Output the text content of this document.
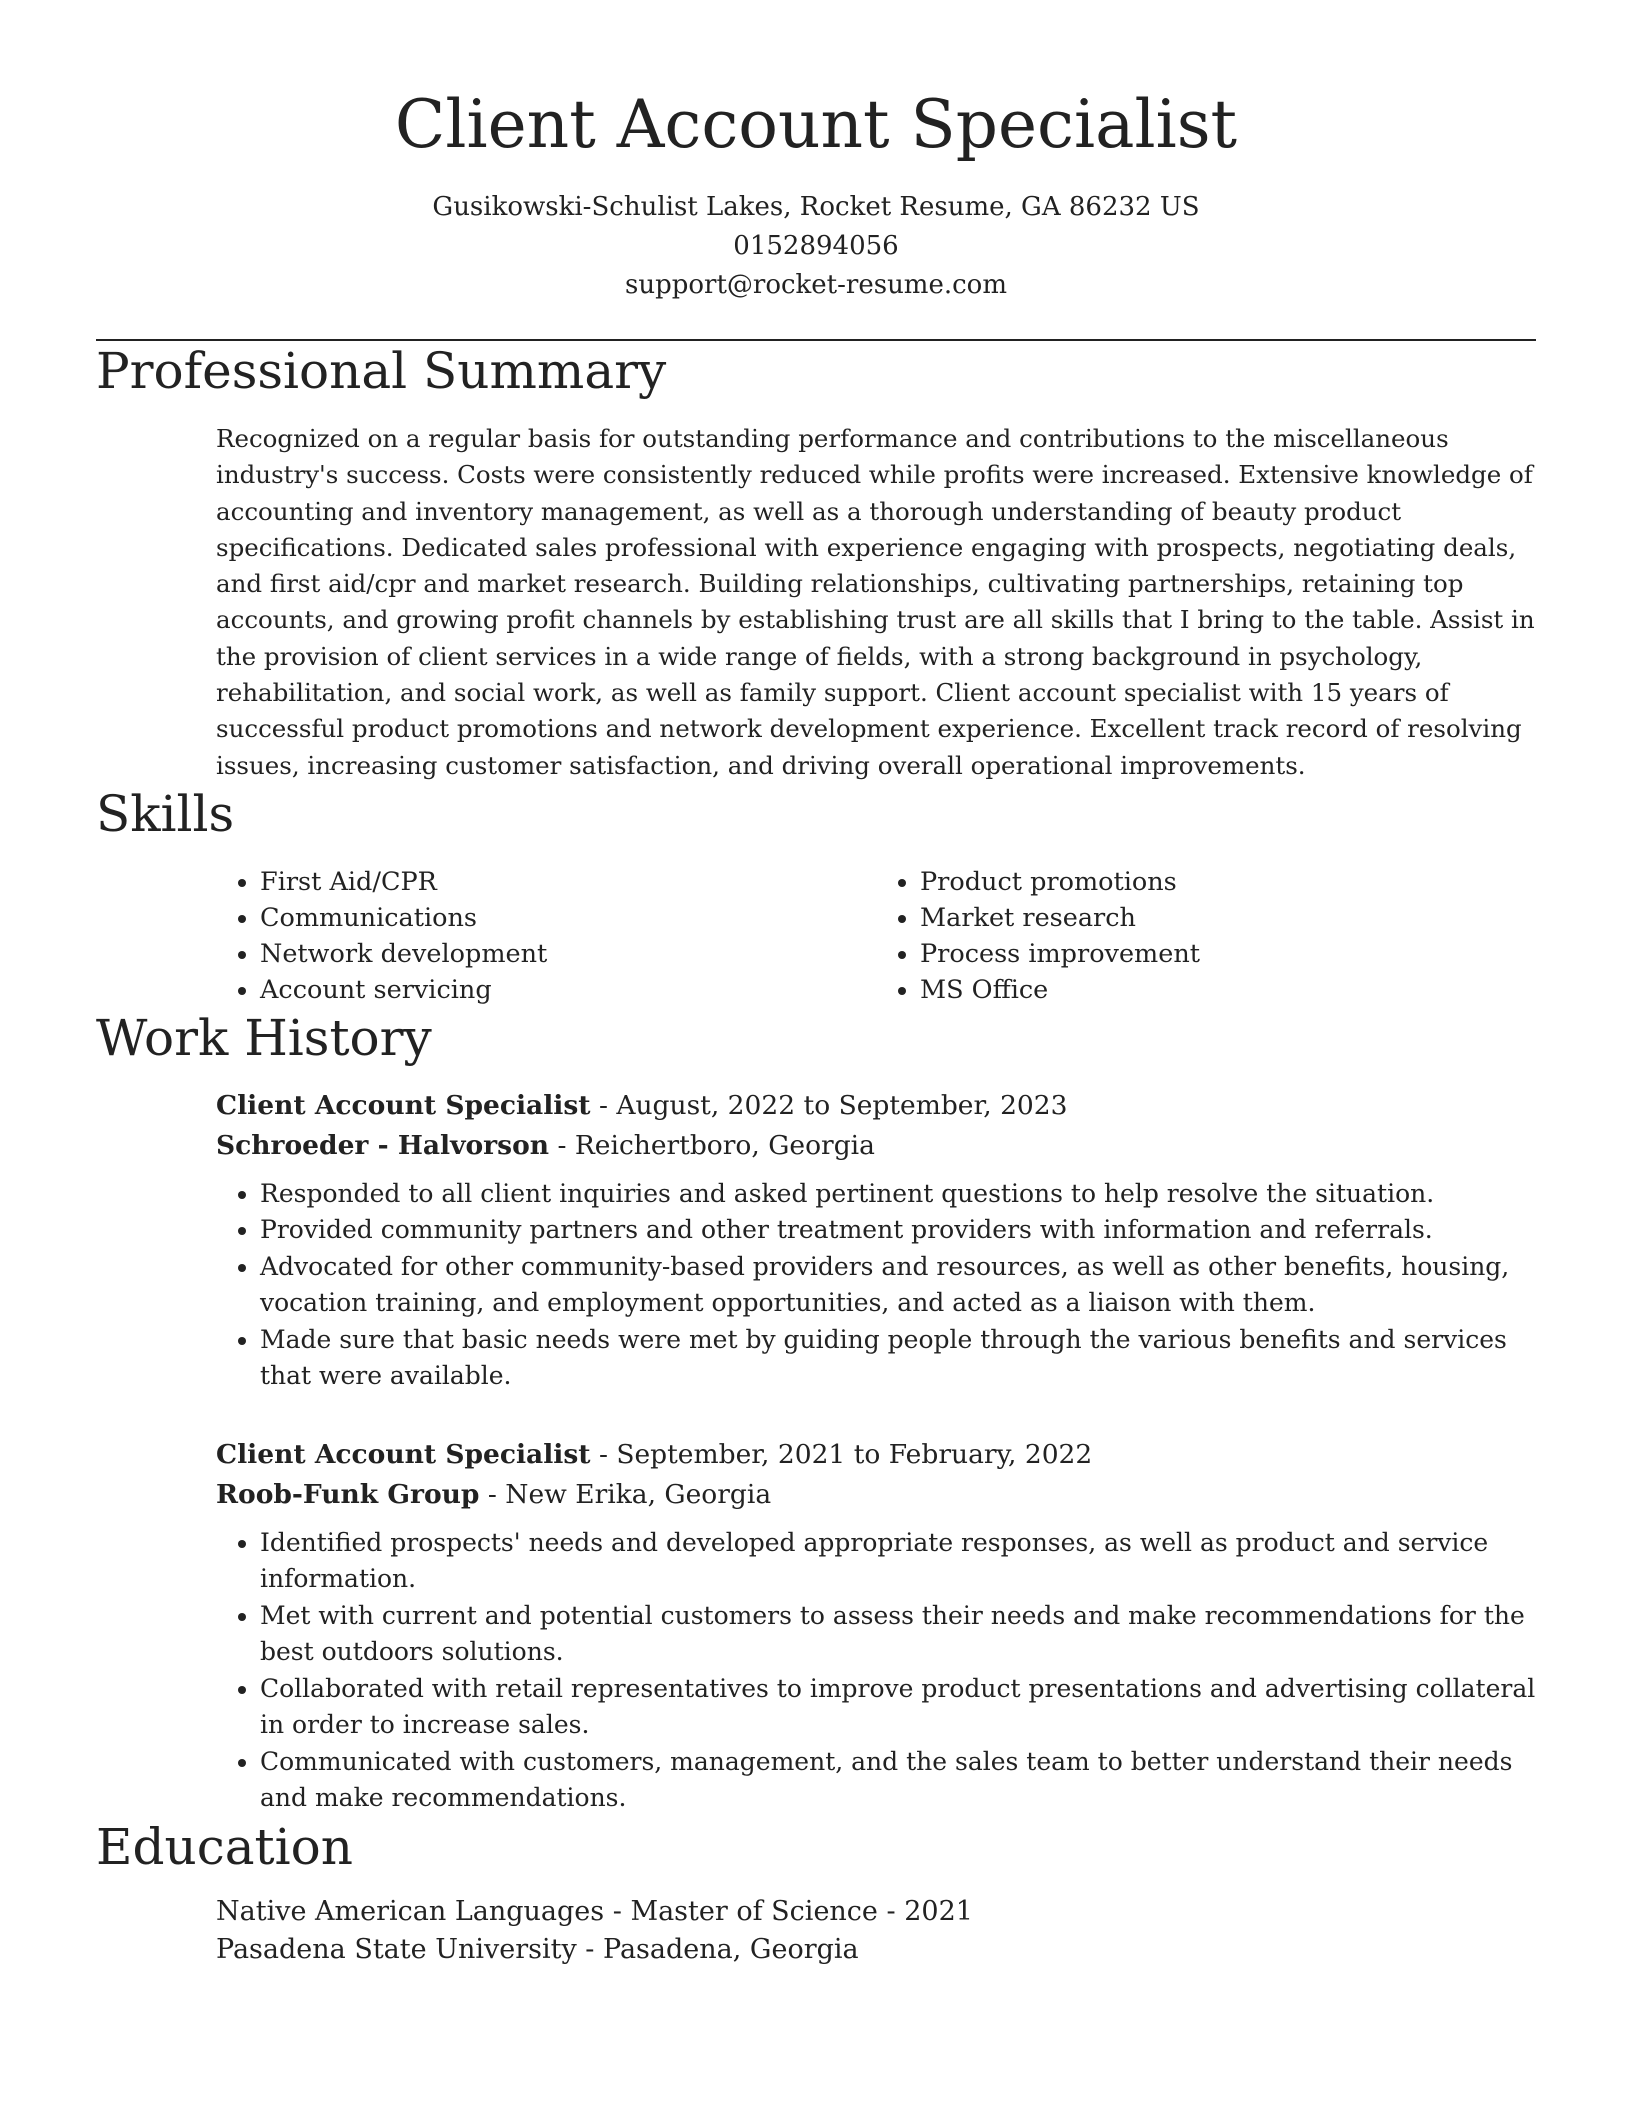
Client Account Specialist
Gusikowski-Schulist Lakes, Rocket Resume, GA 86232 US
0152894056
support@rocket-resume.com
Professional Summary

Recognized on a regular basis for outstanding performance and contributions to the miscellaneous industry's success. Costs were consistently reduced while profits were increased. Extensive knowledge of accounting and inventory management, as well as a thorough understanding of beauty product specifications. Dedicated sales professional with experience engaging with prospects, negotiating deals, and first aid/cpr and market research. Building relationships, cultivating partnerships, retaining top accounts, and growing profit channels by establishing trust are all skills that I bring to the table. Assist in the provision of client services in a wide range of fields, with a strong background in psychology, rehabilitation, and social work, as well as family support. Client account specialist with 15 years of successful product promotions and network development experience. Excellent track record of resolving issues, increasing customer satisfaction, and driving overall operational improvements.

Skills
• First Aid/CPR
• Communications
• Network development
• Account servicing
• Product promotions
• Market research
• Process improvement
• MS Office
Work History
Client Account Specialist - August, 2022 to September, 2023
Schroeder - Halvorson - Reichertboro, Georgia
• Responded to all client inquiries and asked pertinent questions to help resolve the situation.
• Provided community partners and other treatment providers with information and referrals.
• Advocated for other community-based providers and resources, as well as other benefits, housing, vocation training, and employment opportunities, and acted as a liaison with them.
• Made sure that basic needs were met by guiding people through the various benefits and services that were available.
Client Account Specialist - September, 2021 to February, 2022
Roob-Funk Group - New Erika, Georgia
• Identified prospects' needs and developed appropriate responses, as well as product and service information.
• Met with current and potential customers to assess their needs and make recommendations for the best outdoors solutions.
• Collaborated with retail representatives to improve product presentations and advertising collateral in order to increase sales.
• Communicated with customers, management, and the sales team to better understand their needs and make recommendations.
Education
Native American Languages - Master of Science - 2021
Pasadena State University - Pasadena, Georgia
